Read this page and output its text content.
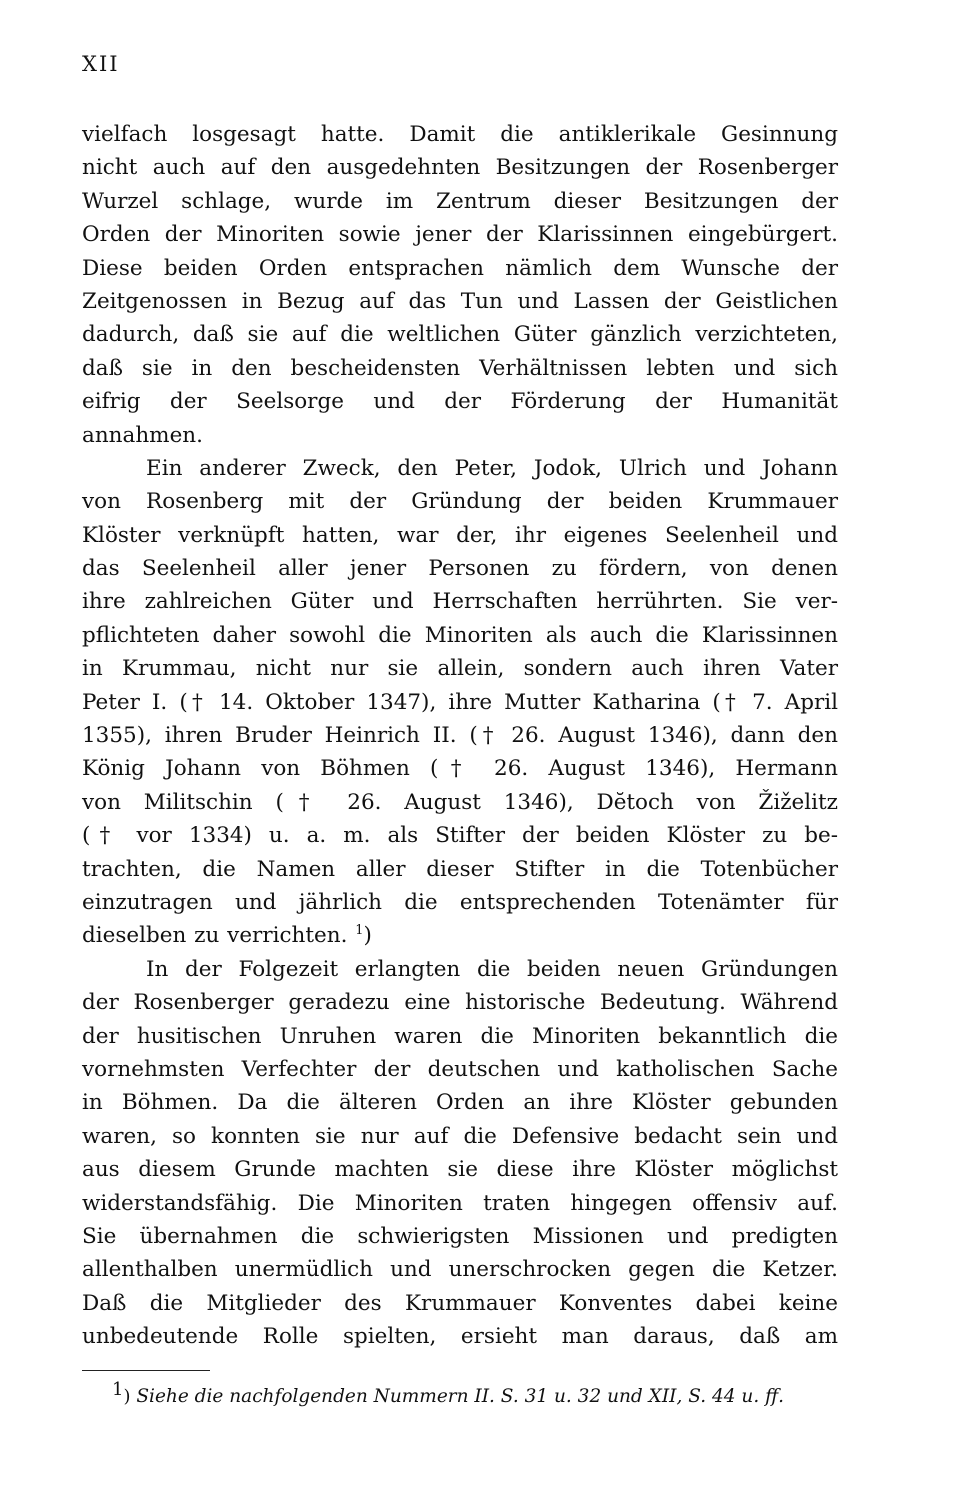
XII
vielfach losgesagt hatte. Damit die antiklerikale Gesinnung
nicht auch auf den ausgedehnten Besitzungen der Rosenberger
Wurzel schlage, wurde im Zentrum dieser Besitzungen der
Orden der Minoriten sowie jener der Klarissinnen eingebürgert.
Diese beiden Orden entsprachen nämlich dem Wunsche der
Zeitgenossen in Bezug auf das Tun und Lassen der Geistlichen
dadurch, daß sie auf die weltlichen Güter gänzlich verzichteten,
daß sie in den bescheidensten Verhältnissen lebten und sich
eifrig der Seelsorge und der Förderung der Humanität
annahmen.
Ein anderer Zweck, den Peter, Jodok, Ulrich und Johann
von Rosenberg mit der Gründung der beiden Krummauer
Klöster verknüpft hatten, war der, ihr eigenes Seelenheil und
das Seelenheil aller jener Personen zu fördern, von denen
ihre zahlreichen Güter und Herrschaften herrührten. Sie ver-
pflichteten daher sowohl die Minoriten als auch die Klarissinnen
in Krummau, nicht nur sie allein, sondern auch ihren Vater
Peter I. († 14. Oktober 1347), ihre Mutter Katharina († 7. April
1355), ihren Bruder Heinrich II. († 26. August 1346), dann den
König Johann von Böhmen († 26. August 1346), Hermann
von Militschin († 26. August 1346), Dĕtoch von Žiželitz
(† vor 1334) u. a. m. als Stifter der beiden Klöster zu be-
trachten, die Namen aller dieser Stifter in die Totenbücher
einzutragen und jährlich die entsprechenden Totenämter für
dieselben zu verrichten. $^1$)
In der Folgezeit erlangten die beiden neuen Gründungen
der Rosenberger geradezu eine historische Bedeutung. Während
der husitischen Unruhen waren die Minoriten bekanntlich die
vornehmsten Verfechter der deutschen und katholischen Sache
in Böhmen. Da die älteren Orden an ihre Klöster gebunden
waren, so konnten sie nur auf die Defensive bedacht sein und
aus diesem Grunde machten sie diese ihre Klöster möglichst
widerstandsfähig. Die Minoriten traten hingegen offensiv auf.
Sie übernahmen die schwierigsten Missionen und predigten
allenthalben unermüdlich und unerschrocken gegen die Ketzer.
Daß die Mitglieder des Krummauer Konventes dabei keine
unbedeutende Rolle spielten, ersieht man daraus, daß am
$^1$) Siehe die nachfolgenden Nummern II. S. 31 u. 32 und XII, S. 44 u. ff.
